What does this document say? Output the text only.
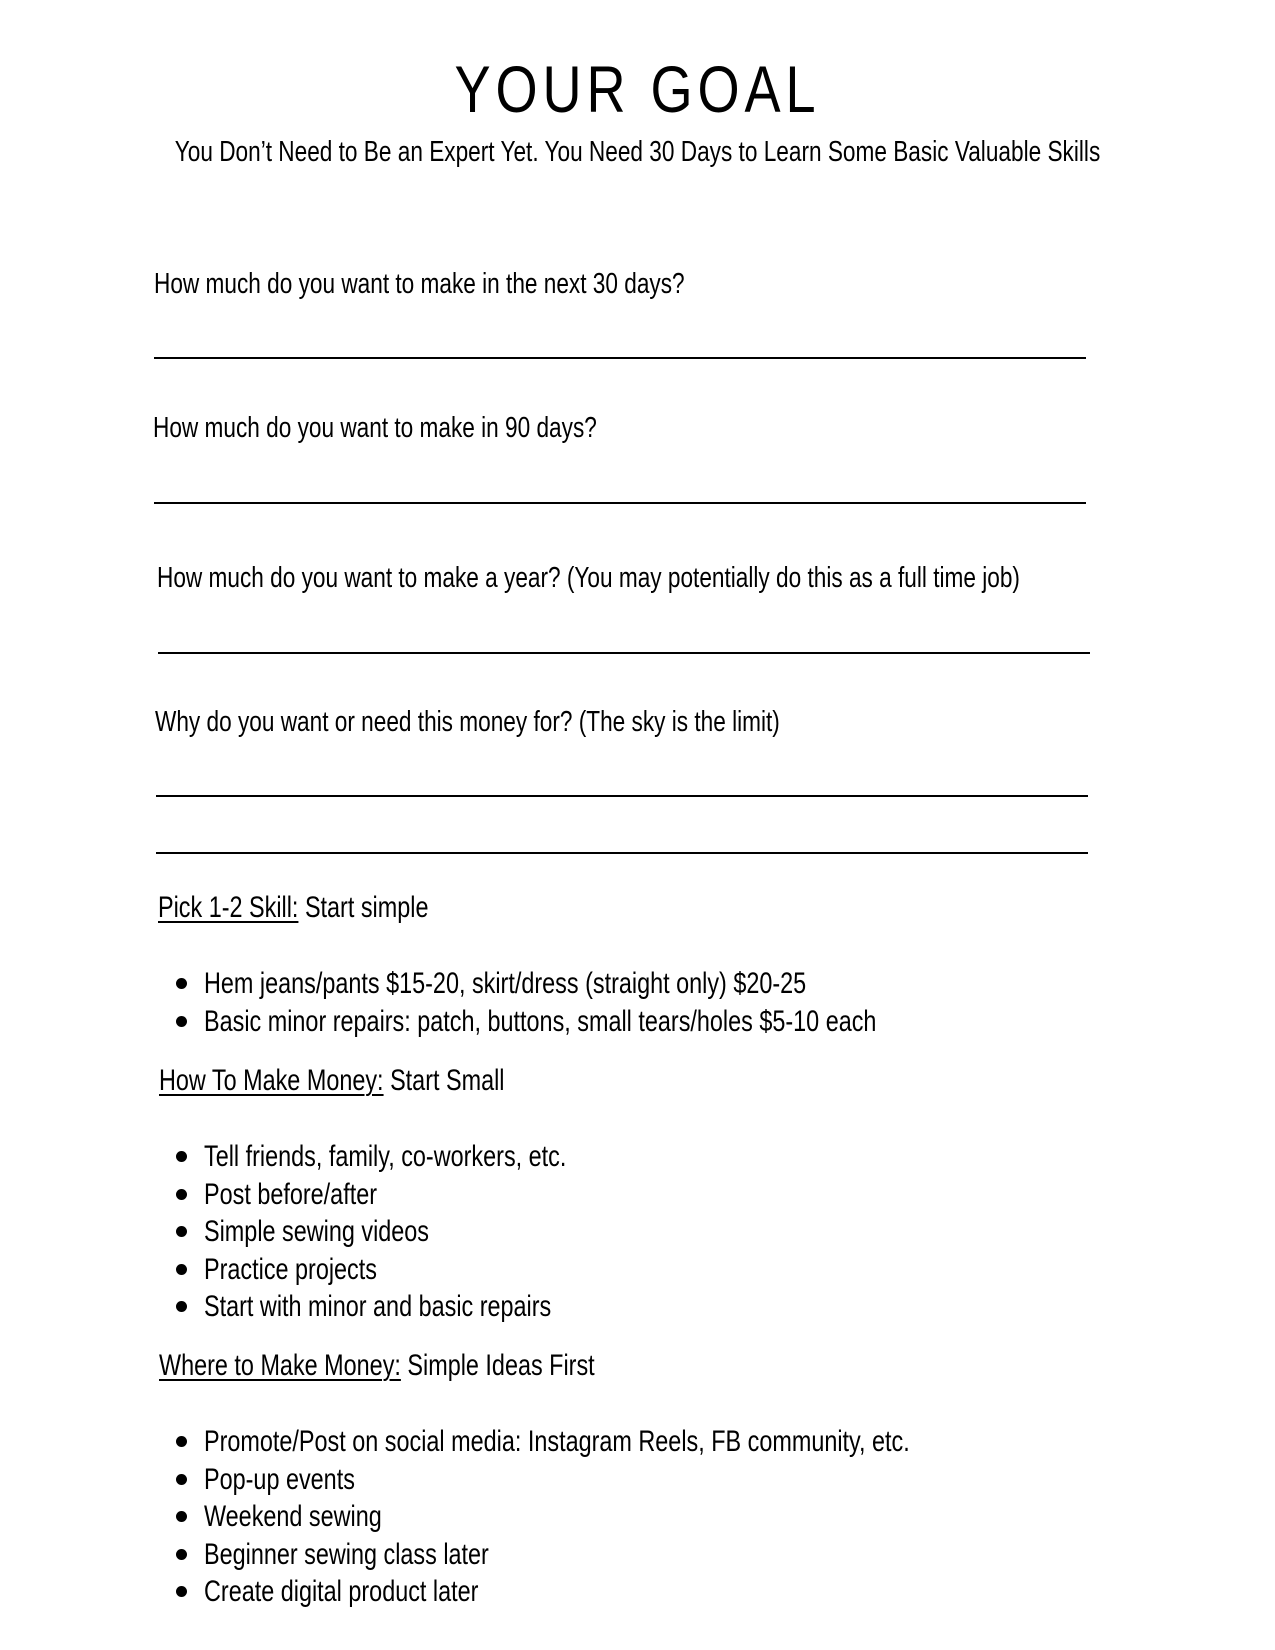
YOUR GOAL
You Don’t Need to Be an Expert Yet. You Need 30 Days to Learn Some Basic Valuable Skills
How much do you want to make in the next 30 days?
How much do you want to make in 90 days?
How much do you want to make a year? (You may potentially do this as a full time job)
Why do you want or need this money for? (The sky is the limit)
Pick 1-2 Skill: Start simple
Hem jeans/pants $15-20, skirt/dress (straight only) $20-25
Basic minor repairs: patch, buttons, small tears/holes $5-10 each
How To Make Money: Start Small
Tell friends, family, co-workers, etc.
Post before/after
Simple sewing videos
Practice projects
Start with minor and basic repairs
Where to Make Money: Simple Ideas First
Promote/Post on social media: Instagram Reels, FB community, etc.
Pop-up events
Weekend sewing
Beginner sewing class later
Create digital product later
